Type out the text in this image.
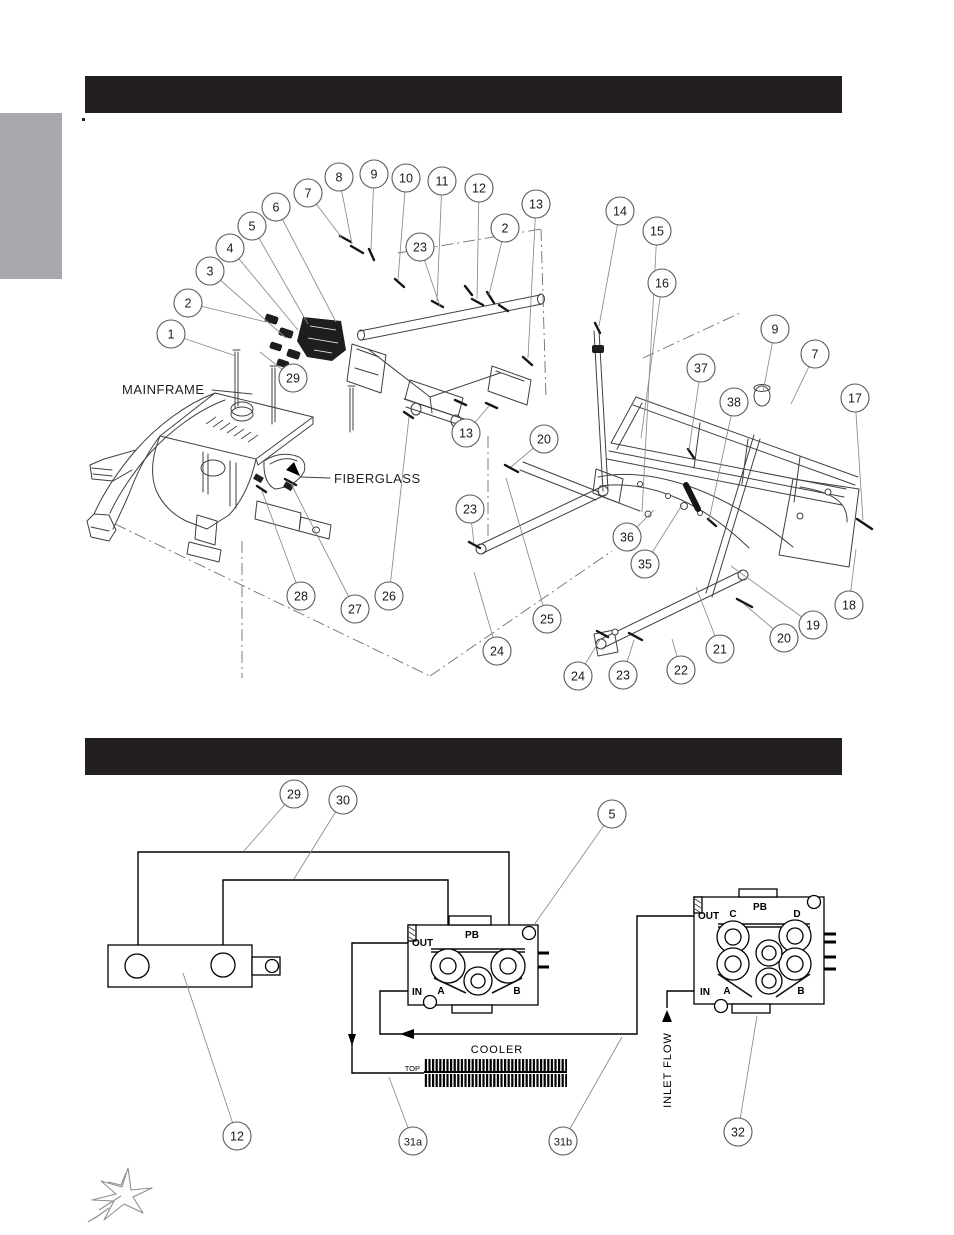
MAINFRAME
FIBERGLASS
1
2
3
4
5
6
7
8 9 10 11 12
13
2
23
14
15
16
9
7
37
38	17
29
13	20
23
36
35
25
24
26
27
28
24 23	22
21
20
19
18
INLET FLOW
OUT
PB
IN A	B
OUT C
PB
D
IN A	B
COOLER
TOP
29	30
5
12	31a	31b
32
